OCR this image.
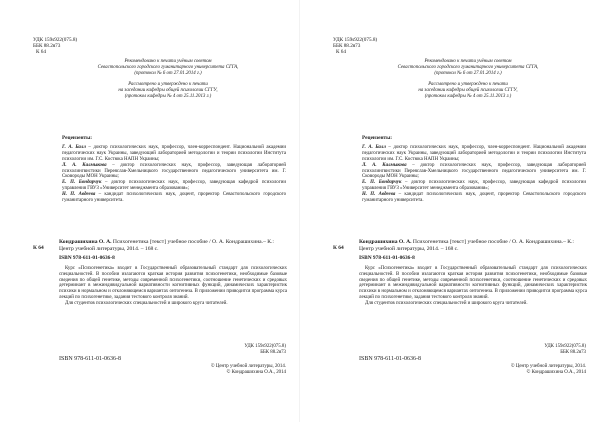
УДК 159s922(075.8)
ББК 88.2я73
К 64
Рекомендовано к печати учёным советом
Севастопольского городского гуманитарного университета СГГА,
(протокол № 6 от 27.01.2014 г.)
Рассмотрено и утверждено к печати
на заседании кафедры общей психологии СГГУ,
(протокол кафедры № 4 от 25.11.2013 г.)
Рецензенты:

Г. А. Балл – доктор психологических наук, профессор, член-корреспондент. Национальной академии педагогических наук Украины, заведующий лабораторией методологии и теории психологии Института психологии им. Г.С. Костюка НАПН Украины;

Л. А. Калмыкова – доктор психологических наук, профессор, заведующая лабораторией психолингвистики Переяслав-Хмельницкого государственного педагогического университета им. Г. Сковороды МОН Украины;

Е. П. Бондарчук – доктор психологических наук, профессор, заведующая кафедрой психологии управления ГВУЗ «Университет менеджмента образования»;

Н. П. Авдеева – кандидат психологических наук, доцент, проректор Севастопольского городского гуманитарного университета.

К 64
Кондрашихина О. А. Психогенетика [текст] учебное пособие / О. А. Кондрашихина.– К.: Центр учебной литературы, 2014. – 168 с.
ISBN 978-611-01-0636-8

Курс «Психогенетика» входит в Государственный образовательный стандарт для психологических специальностей. В пособии излагаются краткая история развития психогенетики, необходимые базовые сведения по общей генетике, методы современной психогенетики, соотношение генетических и средовых детерминант в межиндивидуальной вариативности когнитивных функций, динамических характеристик психики в нормальном и отклоняющемся вариантах онтогенеза. В приложении приводится программа курса лекций по психогенетике, задания тестового контроля знаний.

Для студентов психологических специальностей и широкого круга читателей.

УДК 159s922(075.8)
ББК 88.2я73
ISBN 978-611-01-0636-8
© Центр учебной литературы, 2014.
© Кондрашихина О.А., 2014
УДК 159s922(075.8)
ББК 88.2я73
К 64
Рекомендовано к печати учёным советом
Севастопольского городского гуманитарного университета СГГА,
(протокол № 6 от 27.01.2014 г.)
Рассмотрено и утверждено к печати
на заседании кафедры общей психологии СГГУ,
(протокол кафедры № 4 от 25.11.2013 г.)
Рецензенты:

Г. А. Балл – доктор психологических наук, профессор, член-корреспондент. Национальной академии педагогических наук Украины, заведующий лабораторией методологии и теории психологии Института психологии им. Г.С. Костюка НАПН Украины;

Л. А. Калмыкова – доктор психологических наук, профессор, заведующая лабораторией психолингвистики Переяслав-Хмельницкого государственного педагогического университета им. Г. Сковороды МОН Украины;

Е. П. Бондарчук – доктор психологических наук, профессор, заведующая кафедрой психологии управления ГВУЗ «Университет менеджмента образования»;

Н. П. Авдеева – кандидат психологических наук, доцент, проректор Севастопольского городского гуманитарного университета.

К 64
Кондрашихина О. А. Психогенетика [текст] учебное пособие / О. А. Кондрашихина.– К.: Центр учебной литературы, 2014. – 168 с.
ISBN 978-611-01-0636-8

Курс «Психогенетика» входит в Государственный образовательный стандарт для психологических специальностей. В пособии излагаются краткая история развития психогенетики, необходимые базовые сведения по общей генетике, методы современной психогенетики, соотношение генетических и средовых детерминант в межиндивидуальной вариативности когнитивных функций, динамических характеристик психики в нормальном и отклоняющемся вариантах онтогенеза. В приложении приводится программа курса лекций по психогенетике, задания тестового контроля знаний.

Для студентов психологических специальностей и широкого круга читателей.

УДК 159s922(075.8)
ББК 88.2я73
ISBN 978-611-01-0636-8
© Центр учебной литературы, 2014.
© Кондрашихина О.А., 2014
